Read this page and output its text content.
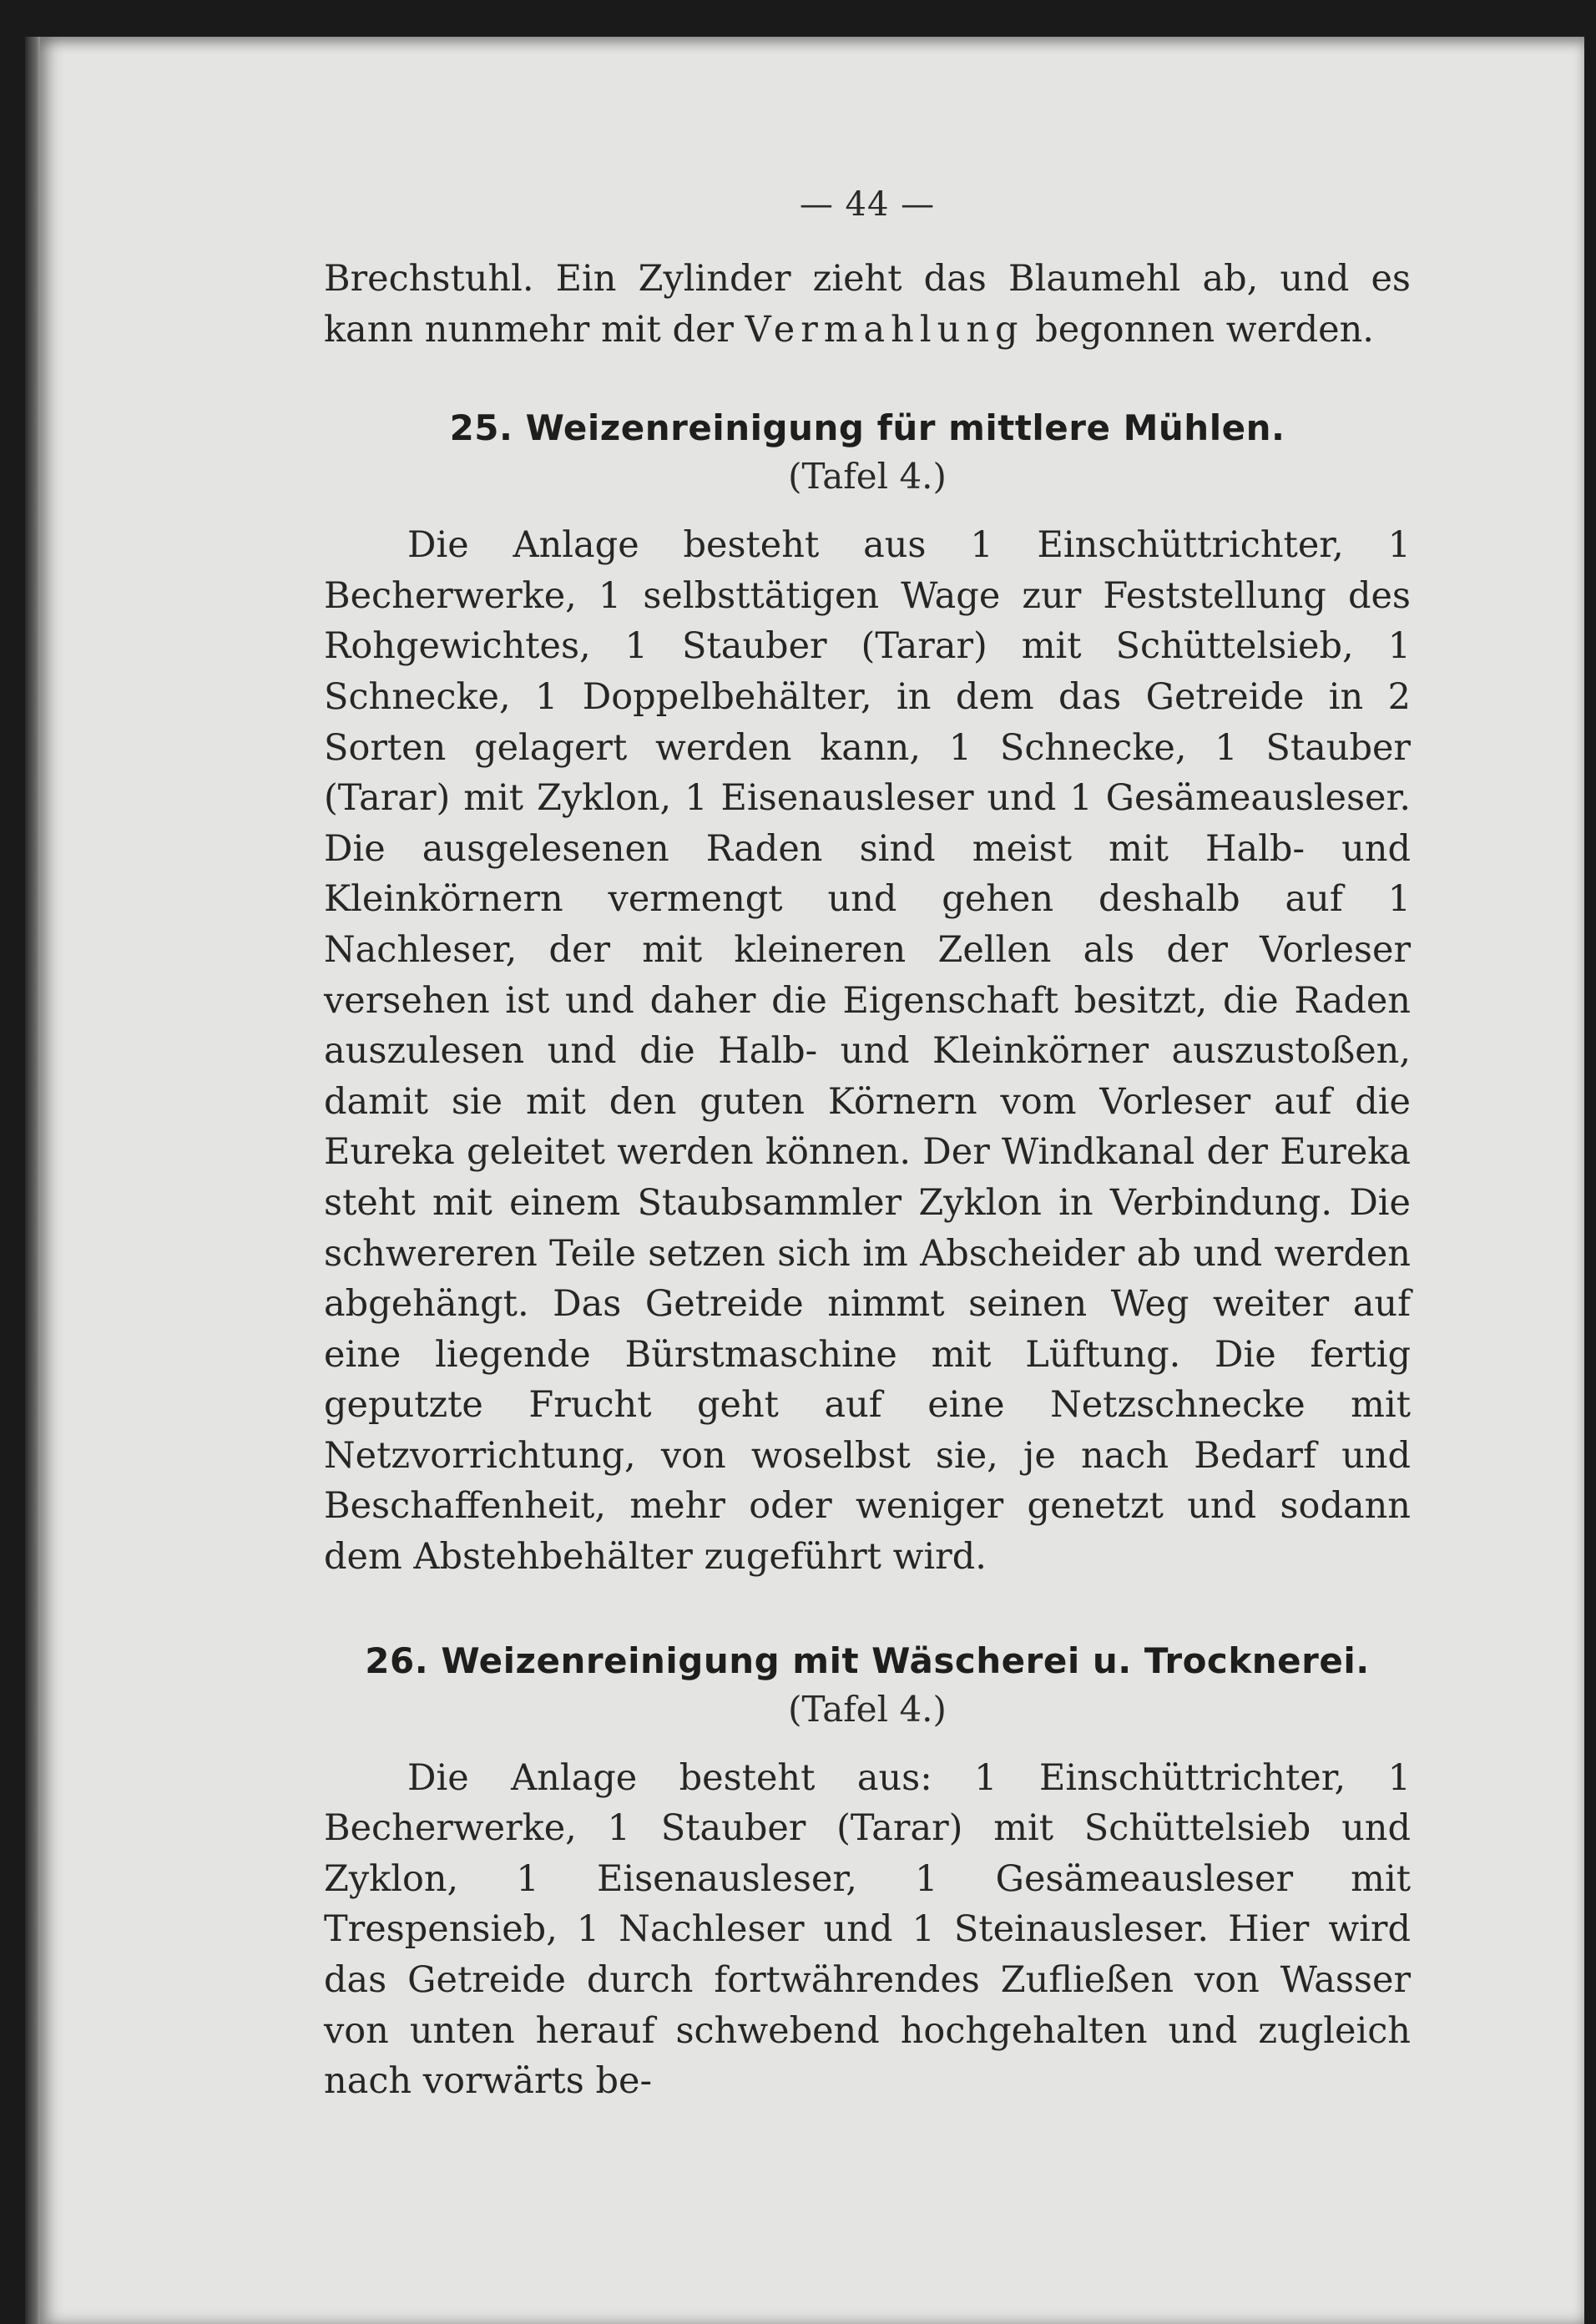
— 44 —

Brechstuhl. Ein Zylinder zieht das Blaumehl ab, und es kann nunmehr mit der Vermahlung begonnen werden.

25. Weizenreinigung für mittlere Mühlen.
(Tafel 4.)

Die Anlage besteht aus 1 Einschüttrichter, 1 Becherwerke, 1 selbsttätigen Wage zur Feststellung des Rohgewichtes, 1 Stauber (Tarar) mit Schüttelsieb, 1 Schnecke, 1 Doppelbehälter, in dem das Getreide in 2 Sorten gelagert werden kann, 1 Schnecke, 1 Stauber (Tarar) mit Zyklon, 1 Eisenausleser und 1 Gesämeausleser. Die ausgelesenen Raden sind meist mit Halb- und Kleinkörnern vermengt und gehen deshalb auf 1 Nachleser, der mit kleineren Zellen als der Vorleser versehen ist und daher die Eigenschaft besitzt, die Raden auszulesen und die Halb- und Kleinkörner auszustoßen, damit sie mit den guten Körnern vom Vorleser auf die Eureka geleitet werden können. Der Windkanal der Eureka steht mit einem Staubsammler Zyklon in Verbindung. Die schwereren Teile setzen sich im Abscheider ab und werden abgehängt. Das Getreide nimmt seinen Weg weiter auf eine liegende Bürstmaschine mit Lüftung. Die fertig geputzte Frucht geht auf eine Netzschnecke mit Netzvorrichtung, von woselbst sie, je nach Bedarf und Beschaffenheit, mehr oder weniger genetzt und sodann dem Abstehbehälter zugeführt wird.

26. Weizenreinigung mit Wäscherei u. Trocknerei.
(Tafel 4.)

Die Anlage besteht aus: 1 Einschüttrichter, 1 Becherwerke, 1 Stauber (Tarar) mit Schüttelsieb und Zyklon, 1 Eisenausleser, 1 Gesämeausleser mit Trespensieb, 1 Nachleser und 1 Steinausleser. Hier wird das Getreide durch fortwährendes Zufließen von Wasser von unten herauf schwebend hochgehalten und zugleich nach vorwärts be-
